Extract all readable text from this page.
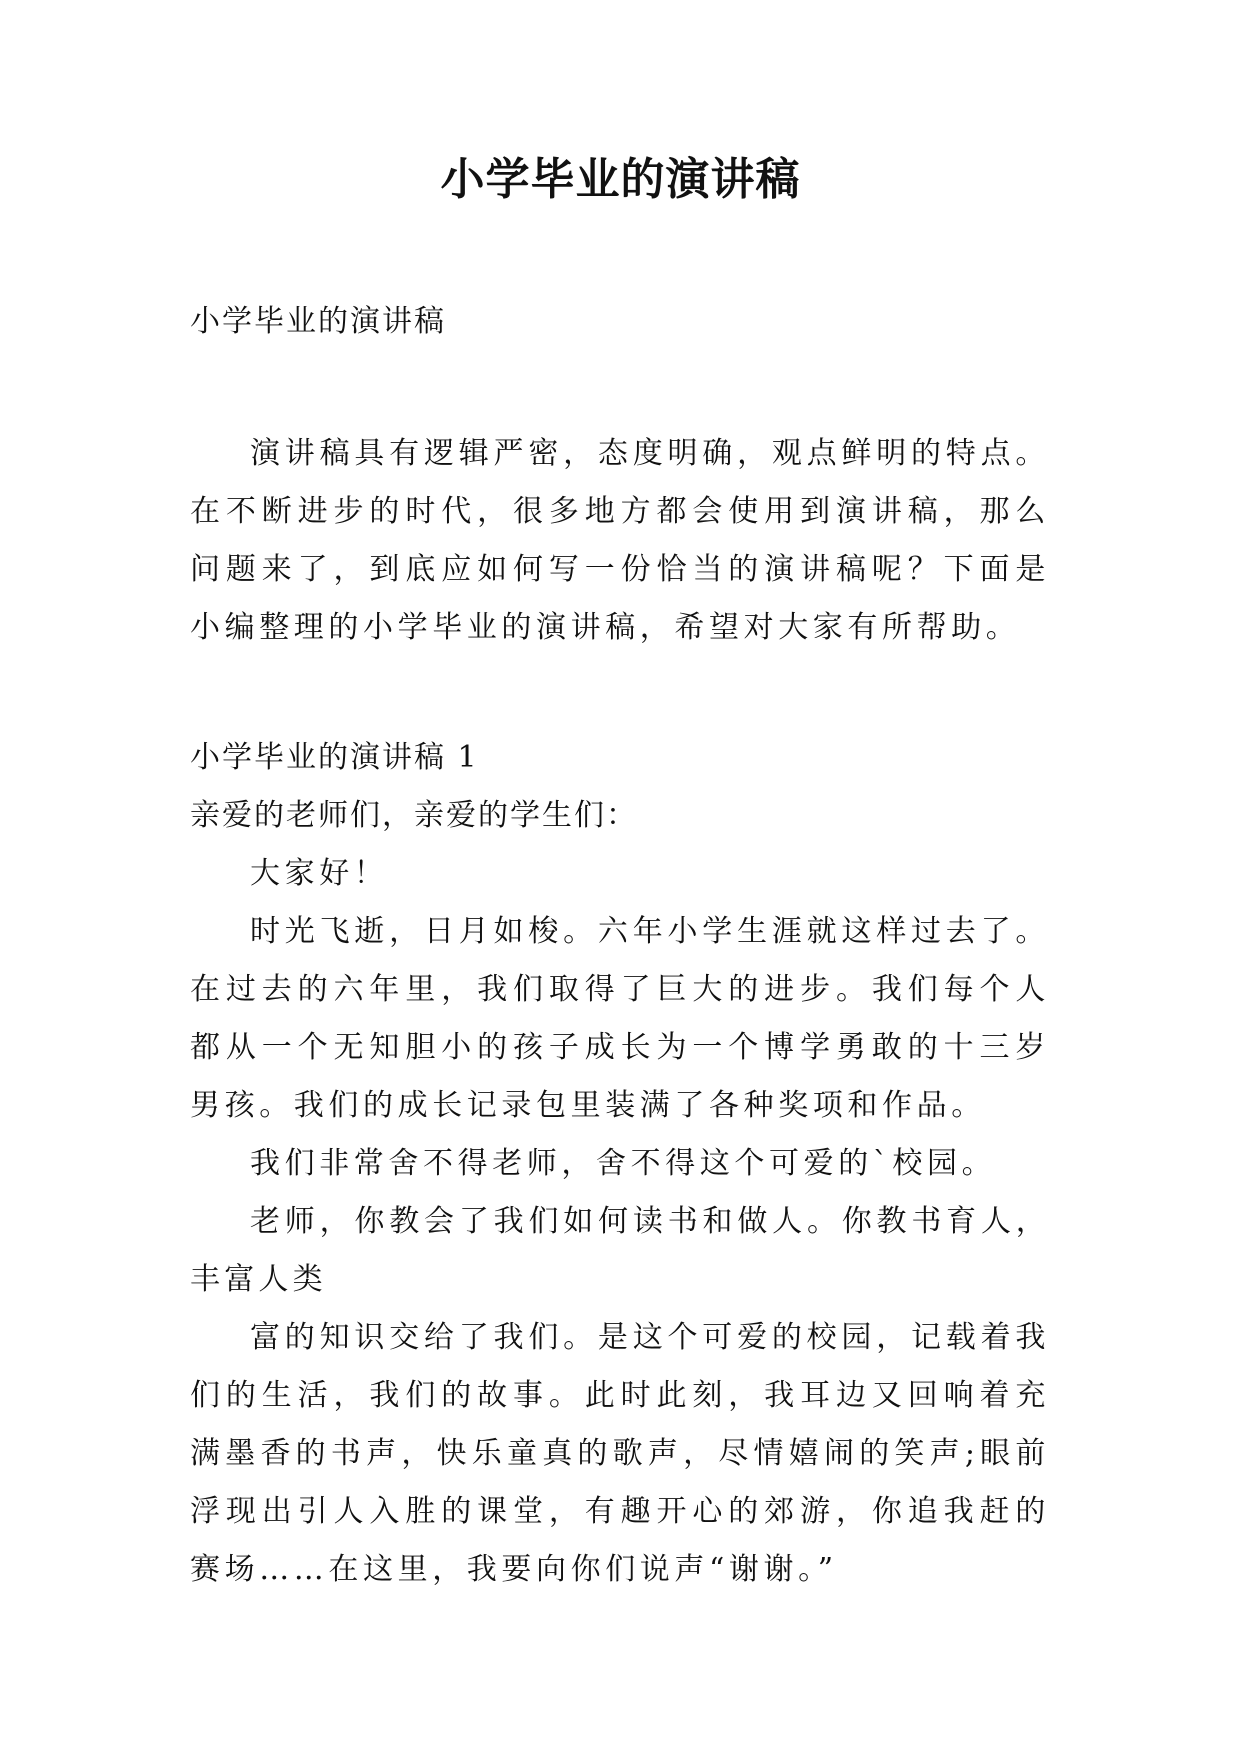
小学毕业的演讲稿

小学毕业的演讲稿

演讲稿具有逻辑严密，态度明确，观点鲜明的特点。在不断进步的时代，很多地方都会使用到演讲稿，那么问题来了，到底应如何写一份恰当的演讲稿呢？下面是小编整理的小学毕业的演讲稿，希望对大家有所帮助。

小学毕业的演讲稿 1

亲爱的老师们，亲爱的学生们：

大家好！

时光飞逝，日月如梭。六年小学生涯就这样过去了。在过去的六年里，我们取得了巨大的进步。我们每个人都从一个无知胆小的孩子成长为一个博学勇敢的十三岁男孩。我们的成长记录包里装满了各种奖项和作品。

我们非常舍不得老师，舍不得这个可爱的`校园。

老师，你教会了我们如何读书和做人。你教书育人，丰富人类

富的知识交给了我们。是这个可爱的校园，记载着我们的生活，我们的故事。此时此刻，我耳边又回响着充满墨香的书声，快乐童真的歌声，尽情嬉闹的笑声;眼前浮现出引人入胜的课堂，有趣开心的郊游，你追我赶的赛场……在这里，我要向你们说声“谢谢。”
